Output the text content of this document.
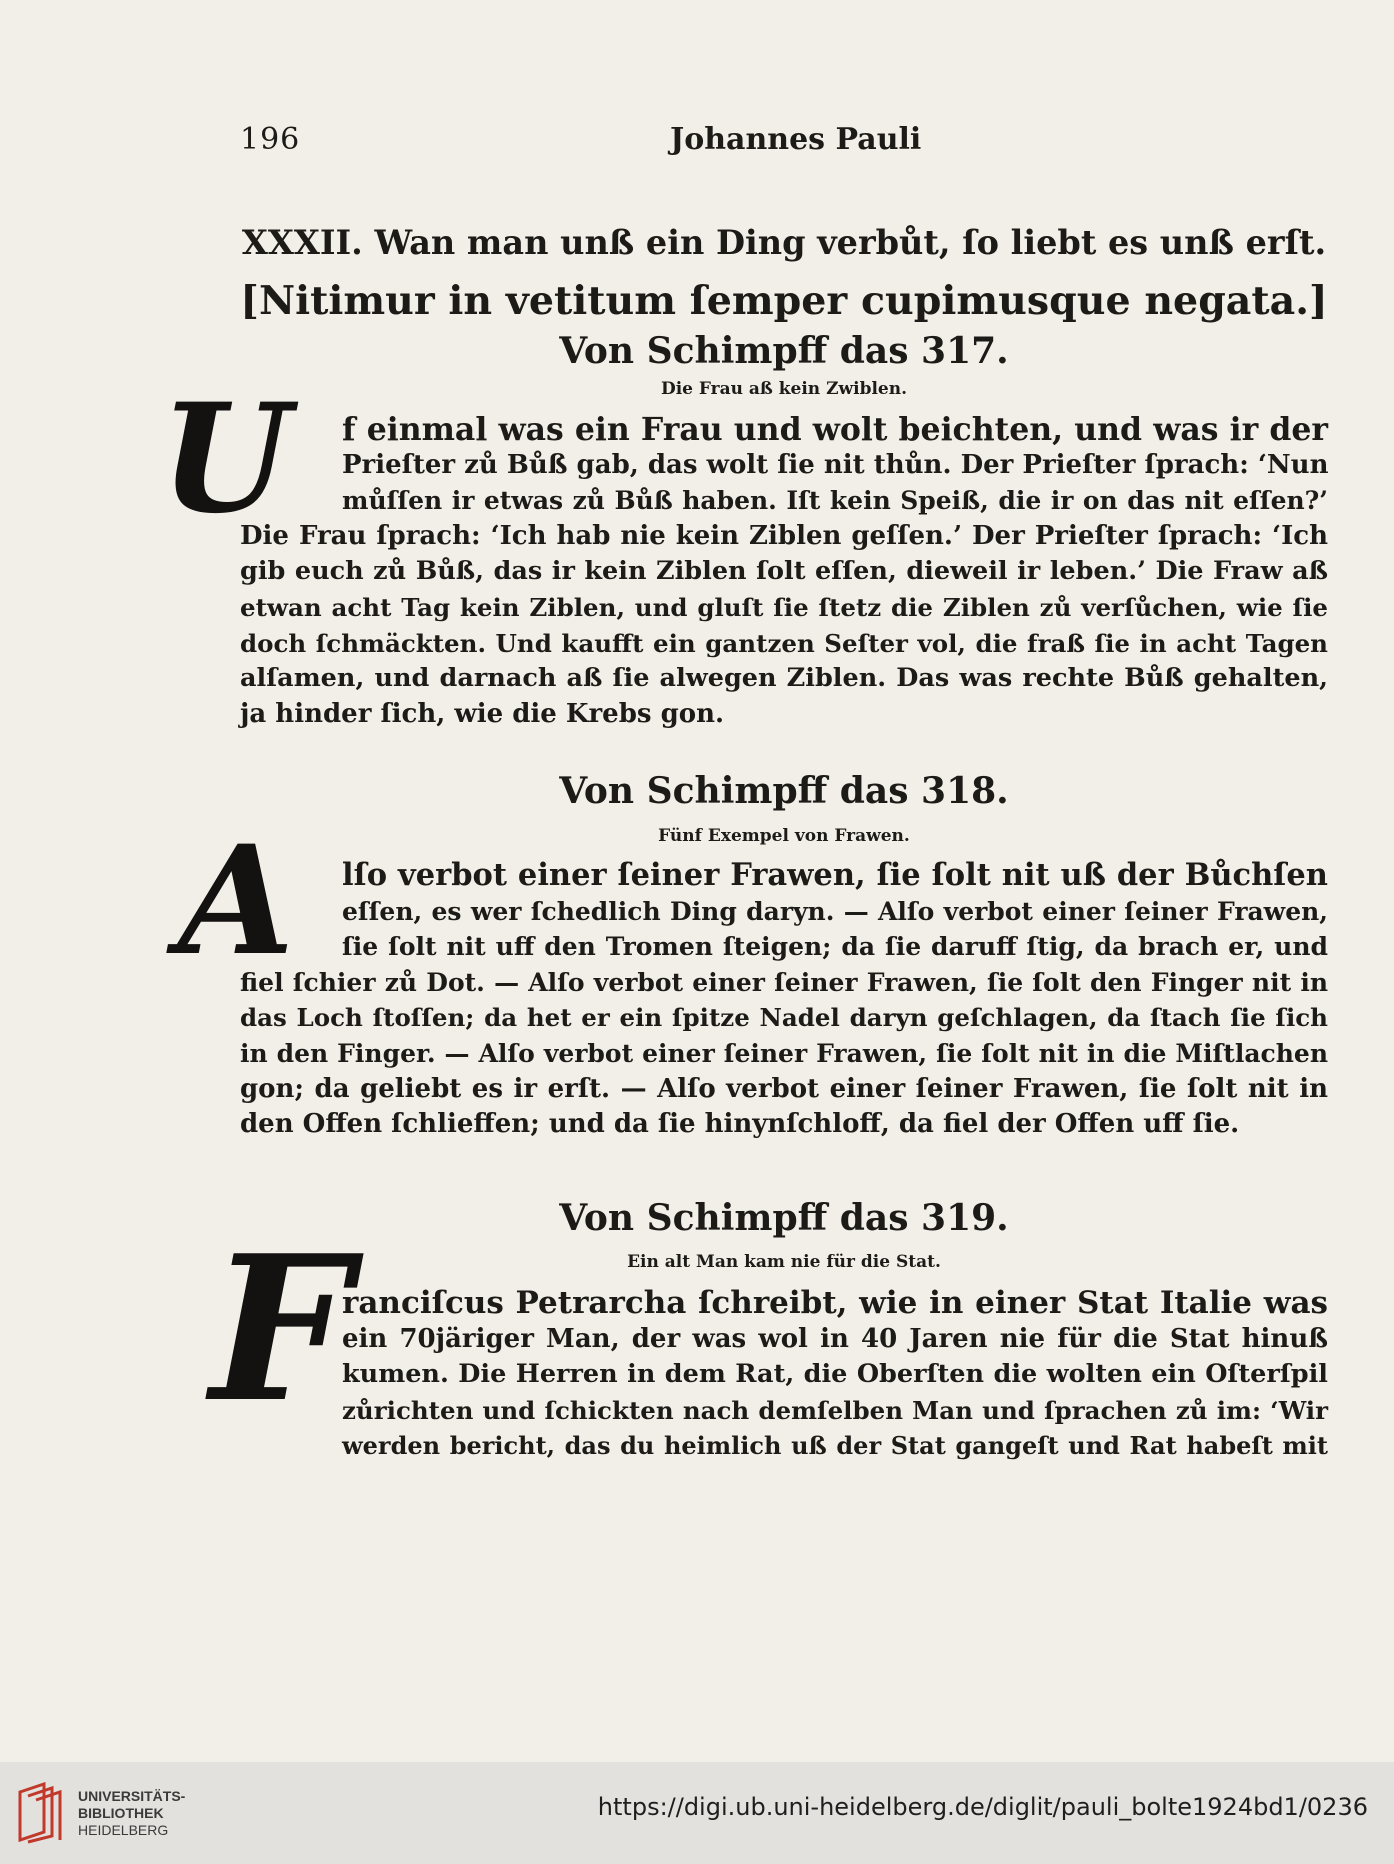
196	Johannes Pauli
XXXII. Wan man unß ein Ding verbůt, ſo liebt es unß erſt.
[Nitimur in vetitum ſemper cupimusque negata.]
Von Schimpff das 317.
Die Frau aß kein Zwiblen.
U	f einmal was ein Frau und wolt beichten, und was ir der
Prieſter zů Bůß gab, das wolt ſie nit thůn. Der Prieſter ſprach: ‘Nun
můſſen ir etwas zů Bůß haben. Iſt kein Speiß, die ir on das nit eſſen?’
Die Frau ſprach: ‘Ich hab nie kein Ziblen geſſen.’ Der Prieſter ſprach: ‘Ich
gib euch zů Bůß, das ir kein Ziblen ſolt eſſen, dieweil ir leben.’ Die Fraw aß
etwan acht Tag kein Ziblen, und gluſt ſie ſtetz die Ziblen zů verſůchen, wie ſie
doch ſchmäckten. Und kaufft ein gantzen Seſter vol, die fraß ſie in acht Tagen
alſamen, und darnach aß ſie alwegen Ziblen. Das was rechte Bůß gehalten,
ja hinder ſich, wie die Krebs gon.
Von Schimpff das 318.
Fünf Exempel von Frawen.
A	lſo verbot einer ſeiner Frawen, ſie ſolt nit uß der Bůchſen
eſſen, es wer ſchedlich Ding daryn. — Alſo verbot einer ſeiner Frawen,
ſie ſolt nit uff den Tromen ſteigen; da ſie daruff ſtig, da brach er, und
fiel ſchier zů Dot. — Alſo verbot einer ſeiner Frawen, ſie ſolt den Finger nit in
das Loch ſtoſſen; da het er ein ſpitze Nadel daryn geſchlagen, da ſtach ſie ſich
in den Finger. — Alſo verbot einer ſeiner Frawen, ſie ſolt nit in die Miſtlachen
gon; da geliebt es ir erſt. — Alſo verbot einer ſeiner Frawen, ſie ſolt nit in
den Offen ſchlieffen; und da ſie hinynſchloff, da fiel der Offen uff ſie.
Von Schimpff das 319.
Ein alt Man kam nie für die Stat.
F
ranciſcus Petrarcha ſchreibt, wie in einer Stat Italie was
ein 70järiger Man, der was wol in 40 Jaren nie für die Stat hinuß
kumen. Die Herren in dem Rat, die Oberſten die wolten ein Oſterſpil
zůrichten und ſchickten nach demſelben Man und ſprachen zů im: ‘Wir
werden bericht, das du heimlich uß der Stat gangeſt und Rat habeſt mit
UNIVERSITÄTS-
BIBLIOTHEK
HEIDELBERG
https://digi.ub.uni-heidelberg.de/diglit/pauli_bolte1924bd1/0236
